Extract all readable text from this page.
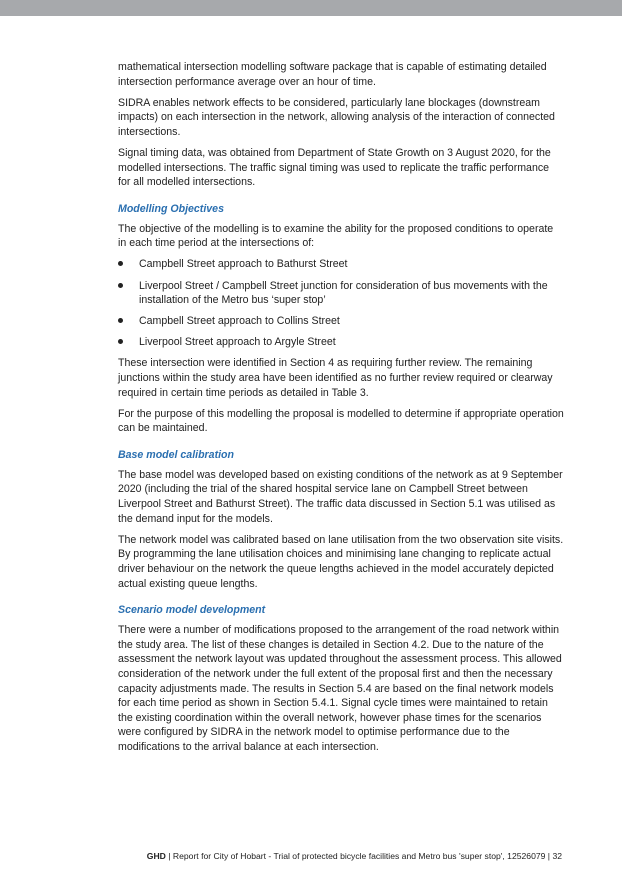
mathematical intersection modelling software package that is capable of estimating detailed intersection performance average over an hour of time.

SIDRA enables network effects to be considered, particularly lane blockages (downstream impacts) on each intersection in the network, allowing analysis of the interaction of connected intersections.

Signal timing data, was obtained from Department of State Growth on 3 August 2020, for the modelled intersections. The traffic signal timing was used to replicate the traffic performance for all modelled intersections.

Modelling Objectives

The objective of the modelling is to examine the ability for the proposed conditions to operate in each time period at the intersections of:

Campbell Street approach to Bathurst Street
Liverpool Street / Campbell Street junction for consideration of bus movements with the installation of the Metro bus ‘super stop’
Campbell Street approach to Collins Street
Liverpool Street approach to Argyle Street

These intersection were identified in Section 4 as requiring further review. The remaining junctions within the study area have been identified as no further review required or clearway required in certain time periods as detailed in Table 3.

For the purpose of this modelling the proposal is modelled to determine if appropriate operation can be maintained.

Base model calibration

The base model was developed based on existing conditions of the network as at 9 September 2020 (including the trial of the shared hospital service lane on Campbell Street between Liverpool Street and Bathurst Street). The traffic data discussed in Section 5.1 was utilised as the demand input for the models.

The network model was calibrated based on lane utilisation from the two observation site visits. By programming the lane utilisation choices and minimising lane changing to replicate actual driver behaviour on the network the queue lengths achieved in the model accurately depicted actual existing queue lengths.

Scenario model development

There were a number of modifications proposed to the arrangement of the road network within the study area. The list of these changes is detailed in Section 4.2. Due to the nature of the assessment the network layout was updated throughout the assessment process. This allowed consideration of the network under the full extent of the proposal first and then the necessary capacity adjustments made. The results in Section 5.4 are based on the final network models for each time period as shown in Section 5.4.1. Signal cycle times were maintained to retain the existing coordination within the overall network, however phase times for the scenarios were configured by SIDRA in the network model to optimise performance due to the modifications to the arrival balance at each intersection.

GHD | Report for City of Hobart - Trial of protected bicycle facilities and Metro bus 'super stop', 12526079 | 32
